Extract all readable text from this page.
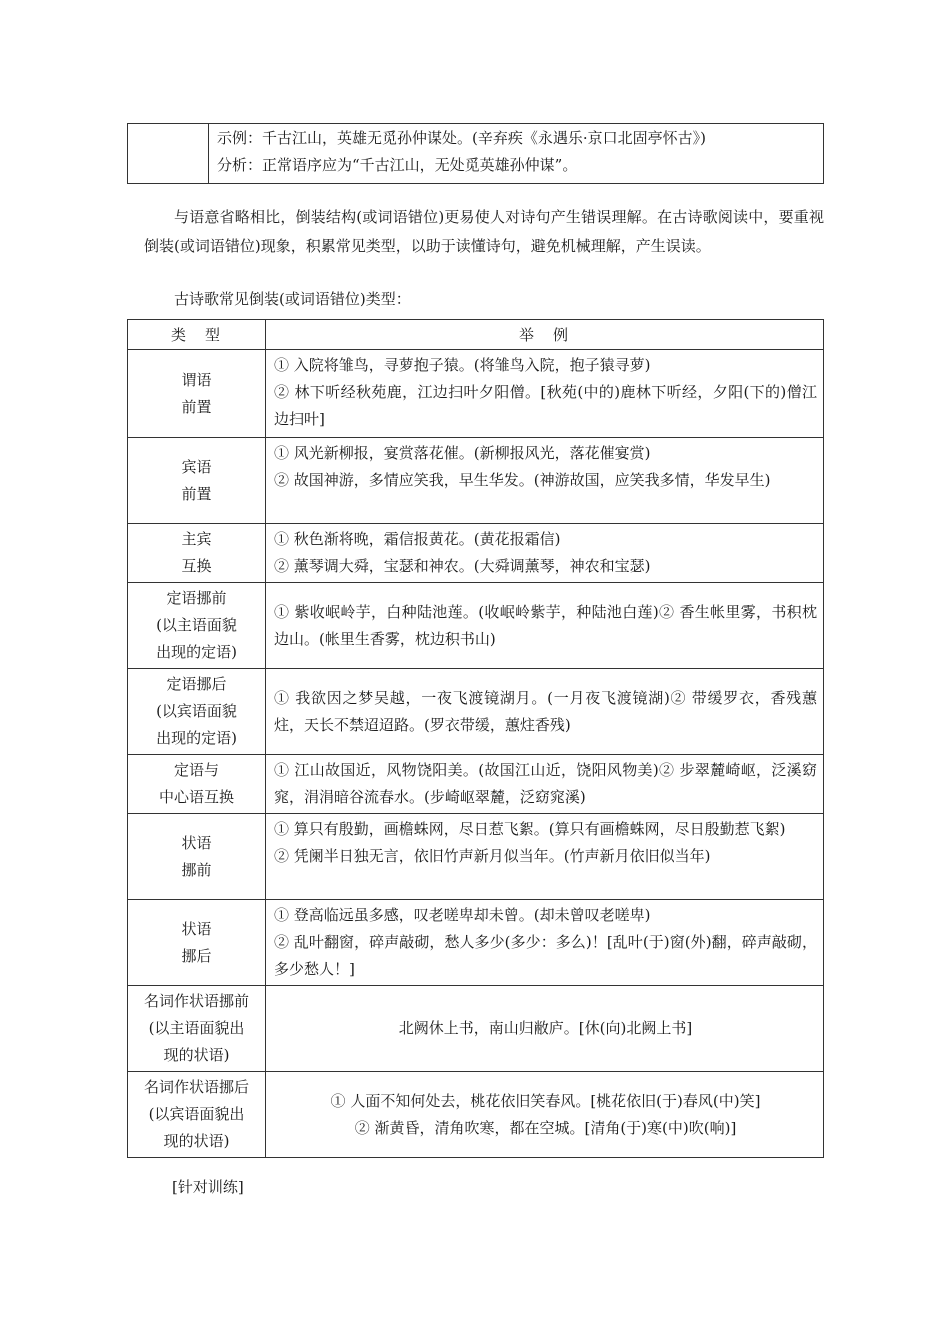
示例：千古江山，英雄无觅孙仲谋处。(辛弃疾《永遇乐·京口北固亭怀古》)
分析：正常语序应为“千古江山，无处觅英雄孙仲谋”。

与语意省略相比，倒装结构(或词语错位)更易使人对诗句产生错误理解。在古诗歌阅读中，要重视倒装(或词语错位)现象，积累常见类型，以助于读懂诗句，避免机械理解，产生误读。

古诗歌常见倒装(或词语错位)类型：

类　型	举　例
谓语
前置	① 入院将雏鸟，寻萝抱子猿。(将雏鸟入院，抱子猿寻萝)
② 林下听经秋苑鹿，江边扫叶夕阳僧。[秋苑(中的)鹿林下听经，夕阳(下的)僧江边扫叶]

宾语
前置	① 风光新柳报，宴赏落花催。(新柳报风光，落花催宴赏)
② 故国神游，多情应笑我，早生华发。(神游故国，应笑我多情，华发早生)

主宾
互换	① 秋色渐将晚，霜信报黄花。(黄花报霜信)
② 薰琴调大舜，宝瑟和神农。(大舜调薰琴，神农和宝瑟)

定语挪前
(以主语面貌
出现的定语)	① 紫收岷岭芋，白种陆池莲。(收岷岭紫芋，种陆池白莲)② 香生帐里雾，书积枕边山。(帐里生香雾，枕边积书山)

定语挪后
(以宾语面貌
出现的定语)	① 我欲因之梦吴越，一夜飞渡镜湖月。(一月夜飞渡镜湖)② 带缓罗衣，香残蕙炷，天长不禁迢迢路。(罗衣带缓，蕙炷香残)

定语与
中心语互换	① 江山故国近，风物饶阳美。(故国江山近，饶阳风物美)② 步翠麓崎岖，泛溪窈窕，涓涓暗谷流春水。(步崎岖翠麓，泛窈窕溪)

状语
挪前	① 算只有殷勤，画檐蛛网，尽日惹飞絮。(算只有画檐蛛网，尽日殷勤惹飞絮)
② 凭阑半日独无言，依旧竹声新月似当年。(竹声新月依旧似当年)

状语
挪后	① 登高临远虽多感，叹老嗟卑却未曾。(却未曾叹老嗟卑)
② 乱叶翻窗，碎声敲砌，愁人多少(多少：多么)！[乱叶(于)窗(外)翻，碎声敲砌，多少愁人！]

名词作状语挪前
(以主语面貌出
现的状语)	北阙休上书，南山归敝庐。[休(向)北阙上书]

名词作状语挪后
(以宾语面貌出
现的状语)	① 人面不知何处去，桃花依旧笑春风。[桃花依旧(于)春风(中)笑]
② 渐黄昏，清角吹寒，都在空城。[清角(于)寒(中)吹(响)]

[针对训练]
